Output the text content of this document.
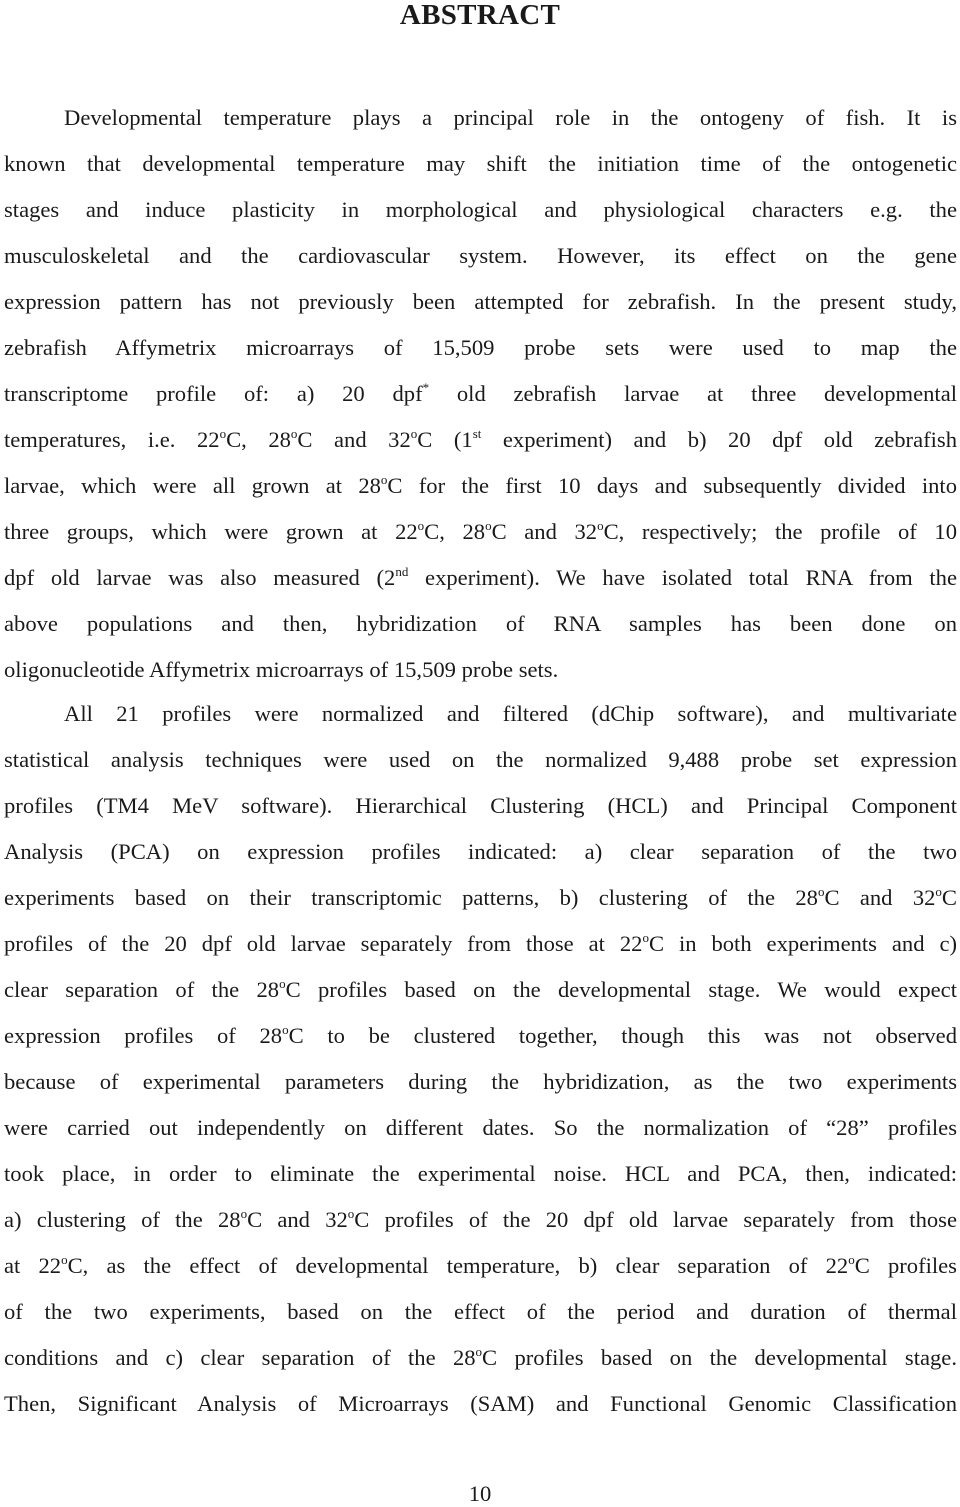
ABSTRACT
Developmental temperature plays a principal role in the ontogeny of fish. It is
known that developmental temperature may shift the initiation time of the ontogenetic
stages and induce plasticity in morphological and physiological characters e.g. the
musculoskeletal and the cardiovascular system. However, its effect on the gene
expression pattern has not previously been attempted for zebrafish. In the present study,
zebrafish Affymetrix microarrays of 15,509 probe sets were used to map the
transcriptome profile of: a) 20 dpf* old zebrafish larvae at three developmental
temperatures, i.e. 22$^o$C, 28$^o$C and 32$^o$C (1st experiment) and b) 20 dpf old zebrafish
larvae, which were all grown at 28$^o$C for the first 10 days and subsequently divided into
three groups, which were grown at 22$^o$C, 28$^o$C and 32$^o$C, respectively; the profile of 10
dpf old larvae was also measured (2nd experiment). We have isolated total RNA from the
above populations and then, hybridization of RNA samples has been done on
oligonucleotide Affymetrix microarrays of 15,509 probe sets.
All 21 profiles were normalized and filtered (dChip software), and multivariate
statistical analysis techniques were used on the normalized 9,488 probe set expression
profiles (TM4 MeV software). Hierarchical Clustering (HCL) and Principal Component
Analysis (PCA) on expression profiles indicated: a) clear separation of the two
experiments based on their transcriptomic patterns, b) clustering of the 28$^o$C and 32$^o$C
profiles of the 20 dpf old larvae separately from those at 22$^o$C in both experiments and c)
clear separation of the 28$^o$C profiles based on the developmental stage. We would expect
expression profiles of 28$^o$C to be clustered together, though this was not observed
because of experimental parameters during the hybridization, as the two experiments
were carried out independently on different dates. So the normalization of “28” profiles
took place, in order to eliminate the experimental noise. HCL and PCA, then, indicated:
a) clustering of the 28$^o$C and 32$^o$C profiles of the 20 dpf old larvae separately from those
at 22$^o$C, as the effect of developmental temperature, b) clear separation of 22$^o$C profiles
of the two experiments, based on the effect of the period and duration of thermal
conditions and c) clear separation of the 28$^o$C profiles based on the developmental stage.
Then, Significant Analysis of Microarrays (SAM) and Functional Genomic Classification
10
